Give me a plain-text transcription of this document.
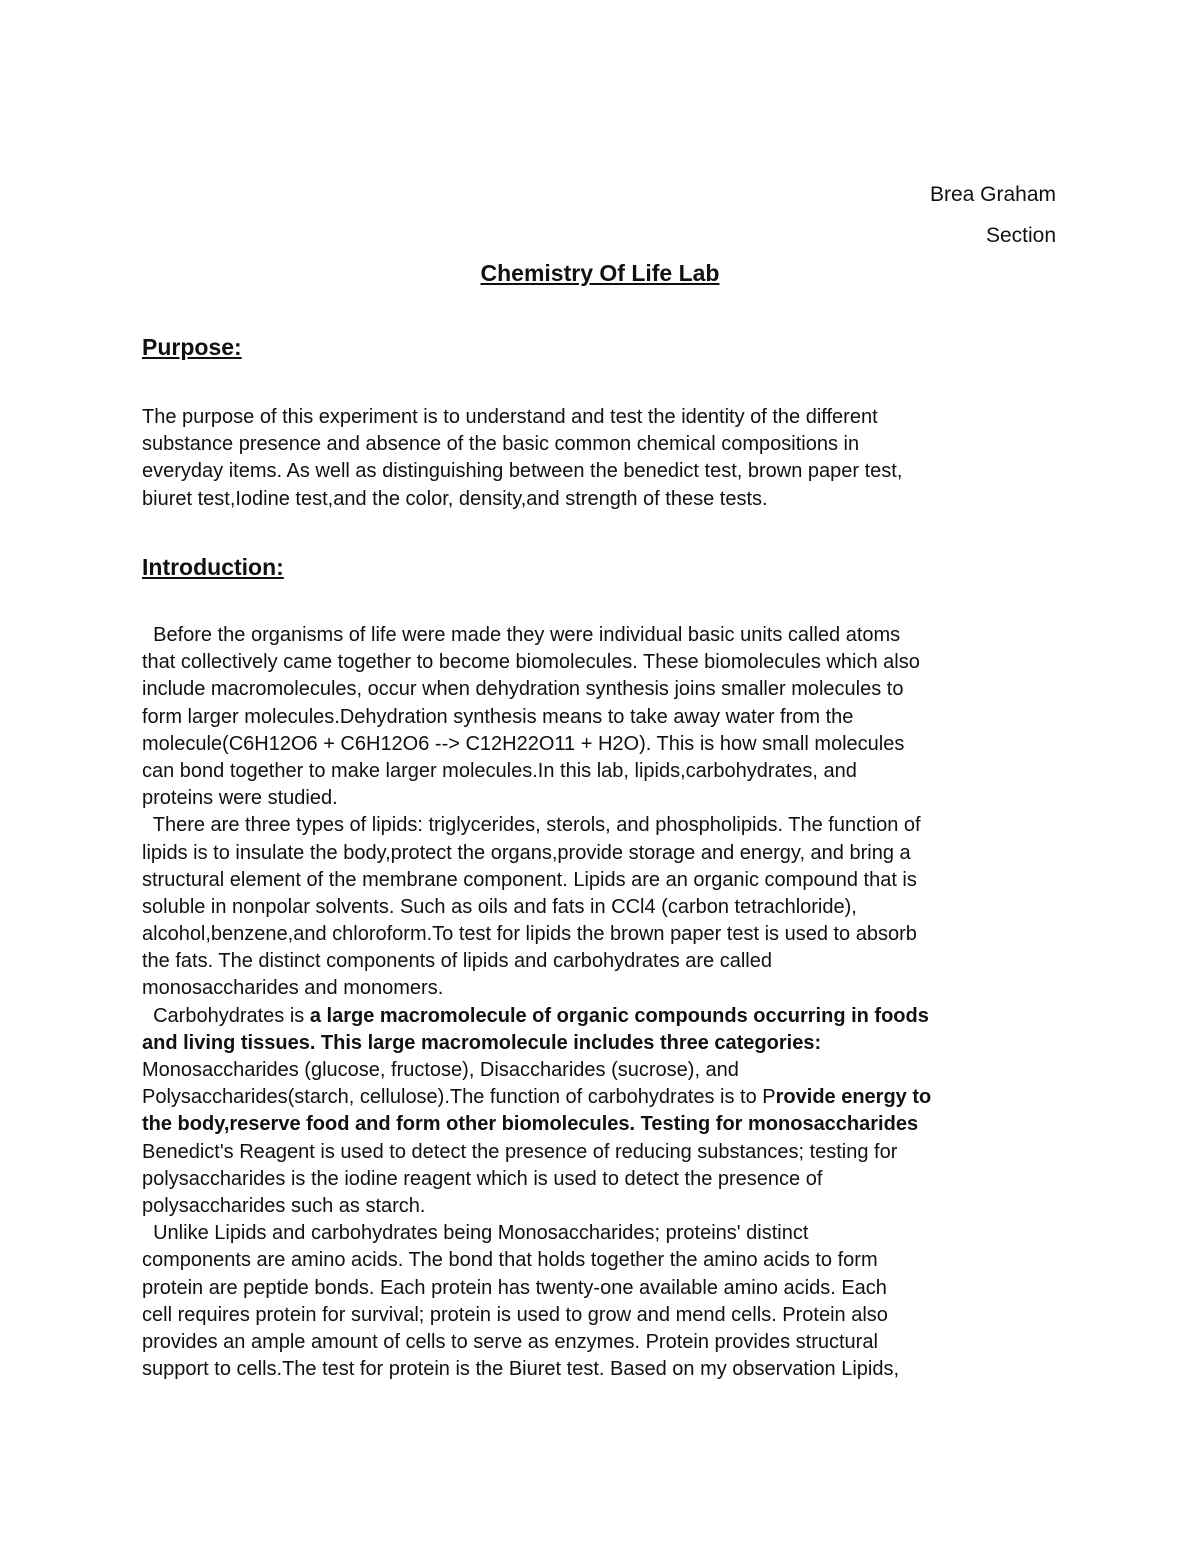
Brea Graham
Section
Chemistry Of Life Lab
Purpose:
The purpose of this experiment is to understand and test the identity of the different
substance presence and absence of the basic common chemical compositions in
everyday items. As well as distinguishing between the benedict test, brown paper test,
biuret test,Iodine test,and the color, density,and strength of these tests.
Introduction:
Before the organisms of life were made they were individual basic units called atoms
that collectively came together to become biomolecules. These biomolecules which also
include macromolecules, occur when dehydration synthesis joins smaller molecules to
form larger molecules.Dehydration synthesis means to take away water from the
molecule(C6H12O6 + C6H12O6 --> C12H22O11 + H2O). This is how small molecules
can bond together to make larger molecules.In this lab, lipids,carbohydrates, and
proteins were studied.
There are three types of lipids: triglycerides, sterols, and phospholipids. The function of
lipids is to insulate the body,protect the organs,provide storage and energy, and bring a
structural element of the membrane component. Lipids are an organic compound that is
soluble in nonpolar solvents. Such as oils and fats in CCl4 (carbon tetrachloride),
alcohol,benzene,and chloroform.To test for lipids the brown paper test is used to absorb
the fats. The distinct components of lipids and carbohydrates are called
monosaccharides and monomers.
Carbohydrates is a large macromolecule of organic compounds occurring in foods
and living tissues. This large macromolecule includes three categories:
Monosaccharides (glucose, fructose), Disaccharides (sucrose), and
Polysaccharides(starch, cellulose).The function of carbohydrates is to Provide energy to
the body,reserve food and form other biomolecules. Testing for monosaccharides
Benedict's Reagent is used to detect the presence of reducing substances; testing for
polysaccharides is the iodine reagent which is used to detect the presence of
polysaccharides such as starch.
Unlike Lipids and carbohydrates being Monosaccharides; proteins' distinct
components are amino acids. The bond that holds together the amino acids to form
protein are peptide bonds. Each protein has twenty-one available amino acids. Each
cell requires protein for survival; protein is used to grow and mend cells. Protein also
provides an ample amount of cells to serve as enzymes. Protein provides structural
support to cells.The test for protein is the Biuret test. Based on my observation Lipids,
